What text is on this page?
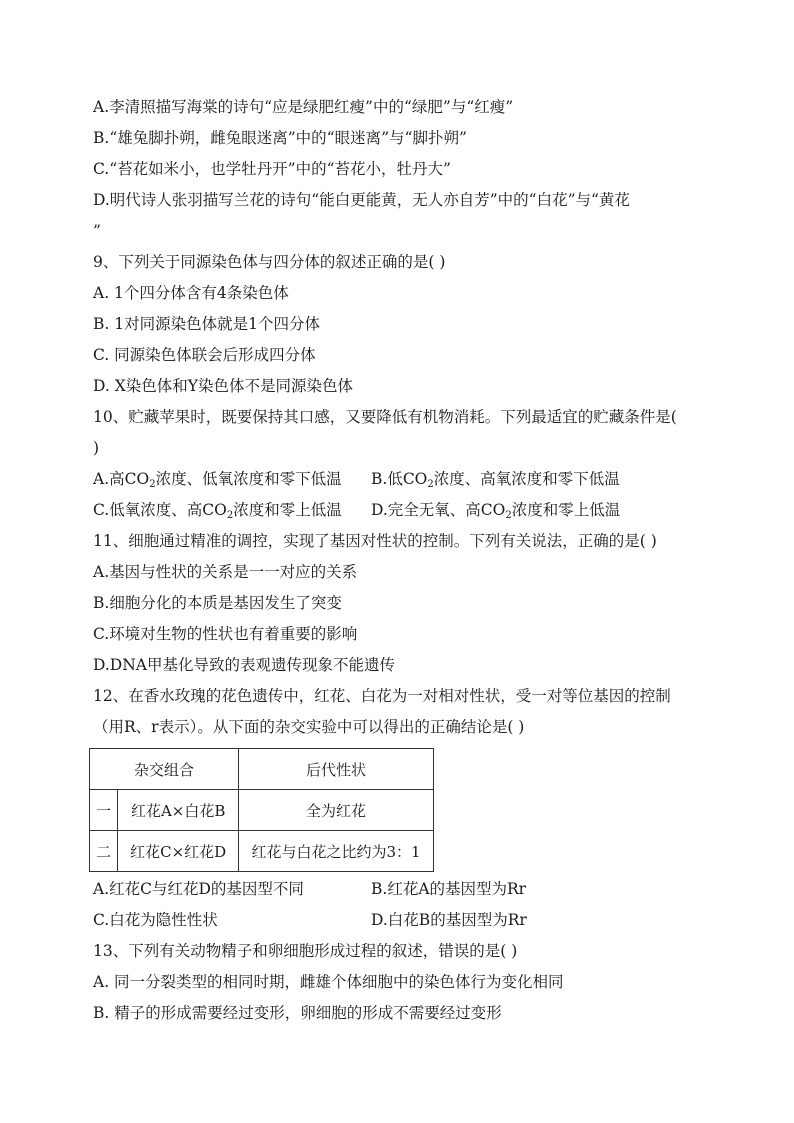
A.李清照描写海棠的诗句“应是绿肥红瘦”中的“绿肥”与“红瘦”
B.“雄兔脚扑朔，雌兔眼迷离”中的“眼迷离”与“脚扑朔”
C.“苔花如米小，也学牡丹开”中的“苔花小，牡丹大”
D.明代诗人张羽描写兰花的诗句“能白更能黄，无人亦自芳”中的“白花”与“黄花
”
9、下列关于同源染色体与四分体的叙述正确的是( )
A. 1个四分体含有4条染色体
B. 1对同源染色体就是1个四分体
C. 同源染色体联会后形成四分体
D. X染色体和Y染色体不是同源染色体
10、贮藏苹果时，既要保持其口感，又要降低有机物消耗。下列最适宜的贮藏条件是(
)
A.高$CO_2$浓度、低氧浓度和零下低温	B.低$CO_2$浓度、高氧浓度和零下低温
C.低氧浓度、高$CO_2$浓度和零上低温	D.完全无氧、高$CO_2$浓度和零上低温
11、细胞通过精准的调控，实现了基因对性状的控制。下列有关说法，正确的是( )
A.基因与性状的关系是一一对应的关系
B.细胞分化的本质是基因发生了突变
C.环境对生物的性状也有着重要的影响
D.DNA甲基化导致的表观遗传现象不能遗传
12、在香水玫瑰的花色遗传中，红花、白花为一对相对性状，受一对等位基因的控制
（用R、r表示）。从下面的杂交实验中可以得出的正确结论是( )
杂交组合		后代性状
一	红花A×白花B	全为红花
二	红花C×红花D	红花与白花之比约为3：1
A.红花C与红花D的基因型不同	B.红花A的基因型为Rr
C.白花为隐性性状	D.白花B的基因型为Rr
13、下列有关动物精子和卵细胞形成过程的叙述，错误的是( )
A. 同一分裂类型的相同时期，雌雄个体细胞中的染色体行为变化相同
B. 精子的形成需要经过变形，卵细胞的形成不需要经过变形
